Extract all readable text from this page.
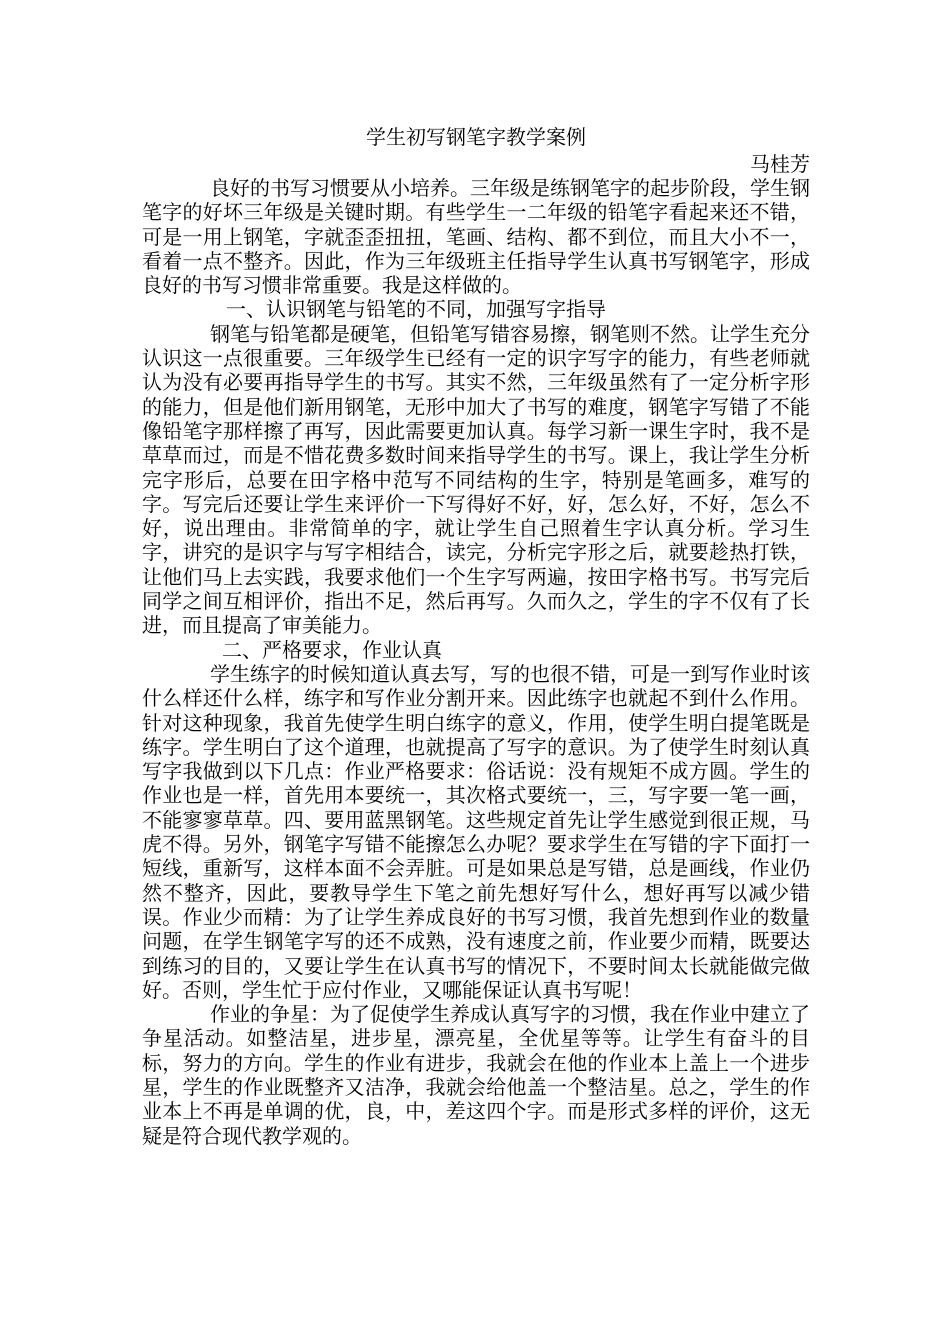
学生初写钢笔字教学案例

马桂芳

良好的书写习惯要从小培养。三年级是练钢笔字的起步阶段，学生钢笔字的好坏三年级是关键时期。有些学生一二年级的铅笔字看起来还不错，可是一用上钢笔，字就歪歪扭扭，笔画、结构、都不到位，而且大小不一，看着一点不整齐。因此，作为三年级班主任指导学生认真书写钢笔字，形成良好的书写习惯非常重要。我是这样做的。

一、认识钢笔与铅笔的不同，加强写字指导

钢笔与铅笔都是硬笔，但铅笔写错容易擦，钢笔则不然。让学生充分认识这一点很重要。三年级学生已经有一定的识字写字的能力，有些老师就认为没有必要再指导学生的书写。其实不然，三年级虽然有了一定分析字形的能力，但是他们新用钢笔，无形中加大了书写的难度，钢笔字写错了不能像铅笔字那样擦了再写，因此需要更加认真。每学习新一课生字时，我不是草草而过，而是不惜花费多数时间来指导学生的书写。课上，我让学生分析完字形后，总要在田字格中范写不同结构的生字，特别是笔画多，难写的字。写完后还要让学生来评价一下写得好不好，好，怎么好，不好，怎么不好，说出理由。非常简单的字，就让学生自己照着生字认真分析。学习生字，讲究的是识字与写字相结合，读完，分析完字形之后，就要趁热打铁，让他们马上去实践，我要求他们一个生字写两遍，按田字格书写。书写完后同学之间互相评价，指出不足，然后再写。久而久之，学生的字不仅有了长进，而且提高了审美能力。

二、严格要求，作业认真

学生练字的时候知道认真去写，写的也很不错，可是一到写作业时该什么样还什么样，练字和写作业分割开来。因此练字也就起不到什么作用。针对这种现象，我首先使学生明白练字的意义，作用，使学生明白提笔既是练字。学生明白了这个道理，也就提高了写字的意识。为了使学生时刻认真写字我做到以下几点：作业严格要求：俗话说：没有规矩不成方圆。学生的作业也是一样，首先用本要统一，其次格式要统一，三，写字要一笔一画，不能寥寥草草。四、要用蓝黑钢笔。这些规定首先让学生感觉到很正规，马虎不得。另外，钢笔字写错不能擦怎么办呢？要求学生在写错的字下面打一短线，重新写，这样本面不会弄脏。可是如果总是写错，总是画线，作业仍然不整齐，因此，要教导学生下笔之前先想好写什么，想好再写以减少错误。作业少而精：为了让学生养成良好的书写习惯，我首先想到作业的数量问题，在学生钢笔字写的还不成熟，没有速度之前，作业要少而精，既要达到练习的目的，又要让学生在认真书写的情况下，不要时间太长就能做完做好。否则，学生忙于应付作业，又哪能保证认真书写呢！

作业的争星：为了促使学生养成认真写字的习惯，我在作业中建立了争星活动。如整洁星，进步星，漂亮星，全优星等等。让学生有奋斗的目标，努力的方向。学生的作业有进步，我就会在他的作业本上盖上一个进步星，学生的作业既整齐又洁净，我就会给他盖一个整洁星。总之，学生的作业本上不再是单调的优，良，中，差这四个字。而是形式多样的评价，这无疑是符合现代教学观的。
